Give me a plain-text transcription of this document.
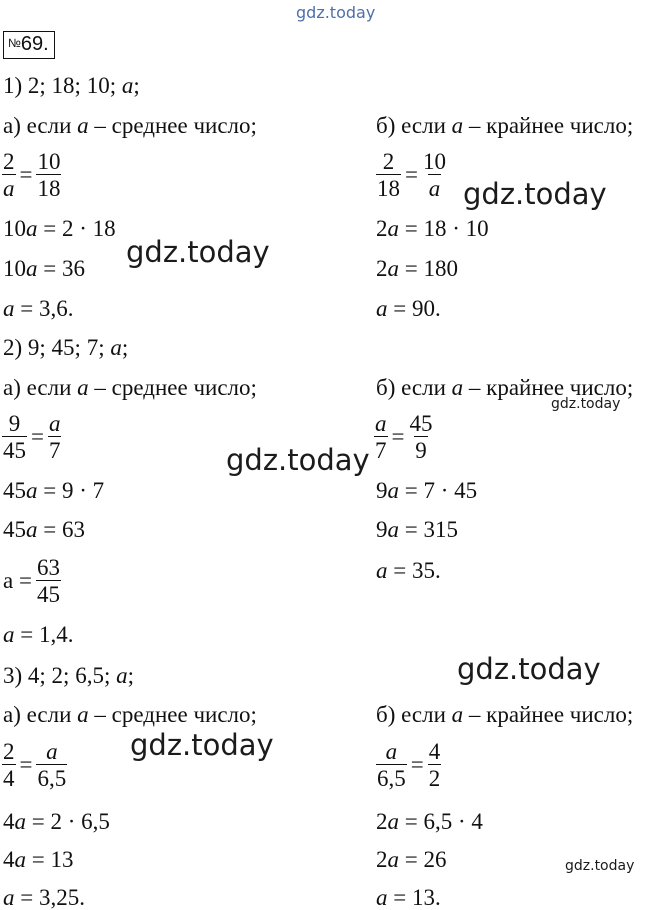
gdz.today
gdz.today
gdz.today
gdz.today
gdz.today
gdz.today
gdz.today
gdz.today
№69.
1) 2; 18; 10; a;
а) если a – среднее число;	б) если a – крайнее число;
$\frac{2}{a} = \frac{10}{18}$
10a = 2 · 18
10a = 36
a = 3,6.
$\frac{2}{18} = \frac{10}{a}$
2a = 18 · 10
2a = 180
a = 90.
2) 9; 45; 7; a;
а) если a – среднее число;	б) если a – крайнее число;
$\frac{9}{45} = \frac{a}{7}$
45a = 9 · 7
45a = 63
$a = \frac{63}{45}$
a = 1,4.
$\frac{a}{7} = \frac{45}{9}$
9a = 7 · 45
9a = 315
a = 35.
3) 4; 2; 6,5; a;
а) если a – среднее число;	б) если a – крайнее число;
$\frac{2}{4} = \frac{a}{6,5}$
4a = 2 · 6,5
4a = 13
a = 3,25.
$\frac{a}{6,5} = \frac{4}{2}$
2a = 6,5 · 4
2a = 26
a = 13.
